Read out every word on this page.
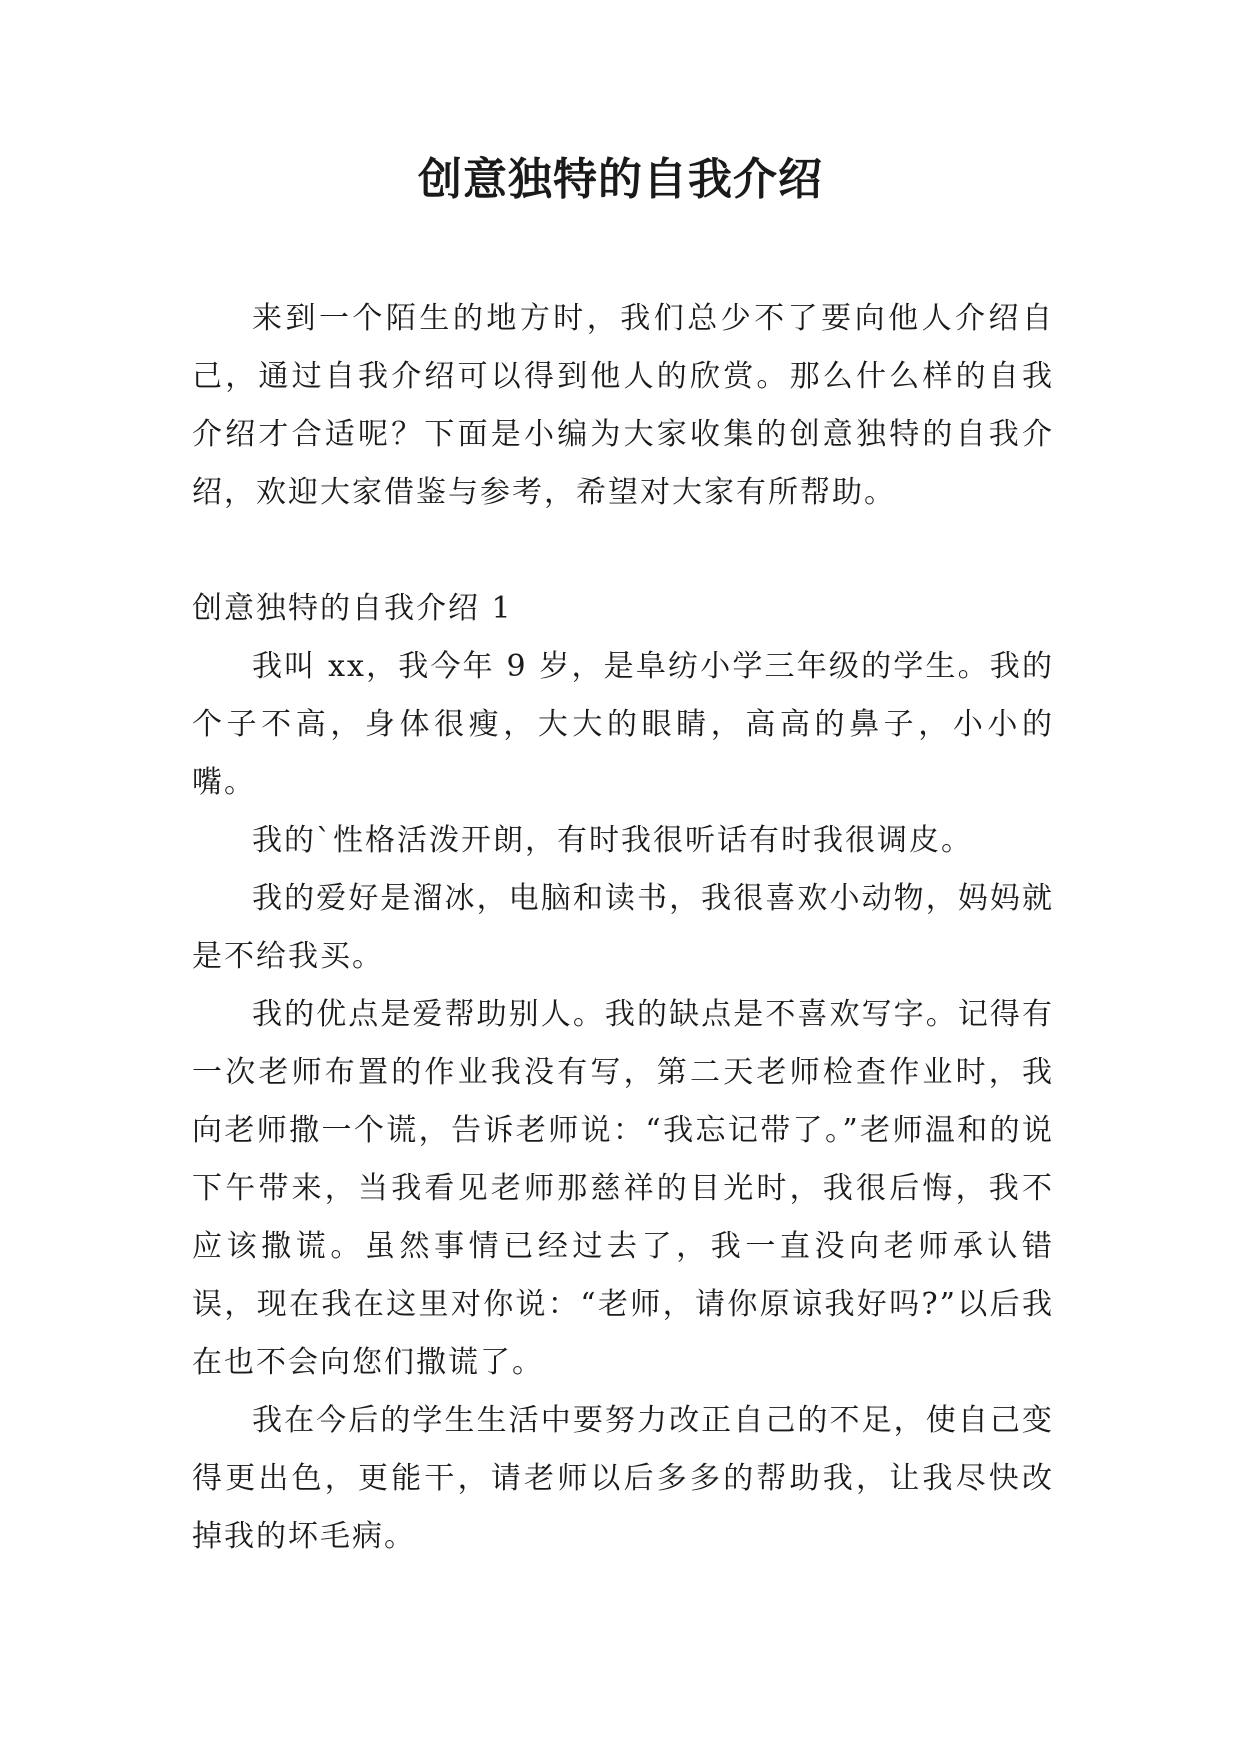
创意独特的自我介绍

来到一个陌生的地方时，我们总少不了要向他人介绍自己，通过自我介绍可以得到他人的欣赏。那么什么样的自我介绍才合适呢？下面是小编为大家收集的创意独特的自我介绍，欢迎大家借鉴与参考，希望对大家有所帮助。

创意独特的自我介绍 1

我叫 xx，我今年 9 岁，是阜纺小学三年级的学生。我的个子不高，身体很瘦，大大的眼睛，高高的鼻子，小小的嘴。

我的`性格活泼开朗，有时我很听话有时我很调皮。

我的爱好是溜冰，电脑和读书，我很喜欢小动物，妈妈就是不给我买。

我的优点是爱帮助别人。我的缺点是不喜欢写字。记得有一次老师布置的作业我没有写，第二天老师检查作业时，我向老师撒一个谎，告诉老师说：“我忘记带了。”老师温和的说下午带来，当我看见老师那慈祥的目光时，我很后悔，我不应该撒谎。虽然事情已经过去了，我一直没向老师承认错误，现在我在这里对你说：“老师，请你原谅我好吗?”以后我在也不会向您们撒谎了。

我在今后的学生生活中要努力改正自己的不足，使自己变得更出色，更能干，请老师以后多多的帮助我，让我尽快改掉我的坏毛病。
